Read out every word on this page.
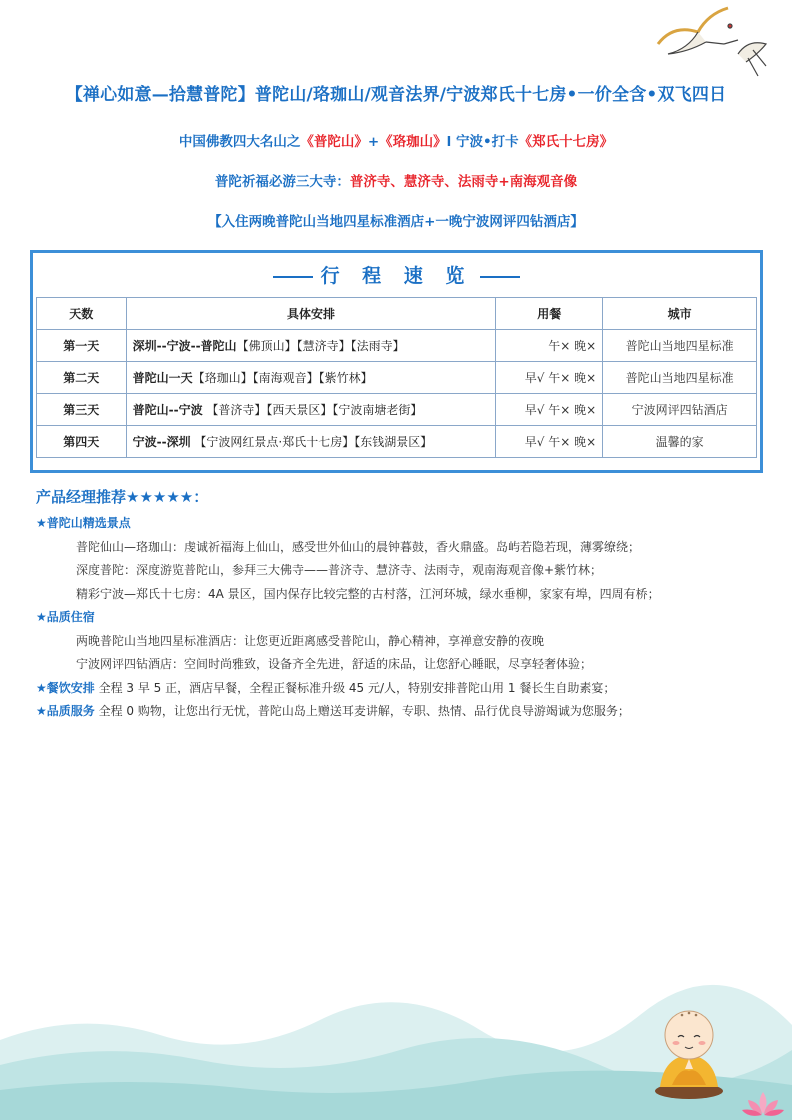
【禅心如意—拾慧普陀】普陀山/珞珈山/观音法界/宁波郑氏十七房•一价全含•双飞四日
中国佛教四大名山之《普陀山》+《珞珈山》l 宁波•打卡《郑氏十七房》
普陀祈福必游三大寺：普济寺、慧济寺、法雨寺+南海观音像
【入住两晚普陀山当地四星标准酒店+一晚宁波网评四钻酒店】
行 程 速 览
天数	具体安排	用餐	城市
第一天	深圳--宁波--普陀山【佛顶山】【慧济寺】【法雨寺】	午× 晚×	普陀山当地四星标准
第二天	普陀山一天【珞珈山】【南海观音】【紫竹林】	早√ 午× 晚×	普陀山当地四星标准
第三天	普陀山--宁波 【普济寺】【西天景区】【宁波南塘老街】	早√ 午× 晚×	宁波网评四钻酒店
第四天	宁波--深圳 【宁波网红景点·郑氏十七房】【东钱湖景区】	早√ 午× 晚×	温馨的家
产品经理推荐★★★★★：
★普陀山精选景点
普陀仙山—珞珈山：虔诚祈福海上仙山，感受世外仙山的晨钟暮鼓，香火鼎盛。岛屿若隐若现，薄雾缭绕；
深度普陀：深度游览普陀山，参拜三大佛寺——普济寺、慧济寺、法雨寺，观南海观音像+紫竹林；
精彩宁波—郑氏十七房：4A 景区，国内保存比较完整的古村落，江河环城，绿水垂柳，家家有埠，四周有桥；
★品质住宿
两晚普陀山当地四星标准酒店：让您更近距离感受普陀山，静心精神，享禅意安静的夜晚
宁波网评四钻酒店：空间时尚雅致，设备齐全先进，舒适的床品，让您舒心睡眠，尽享轻奢体验；
★餐饮安排 全程 3 早 5 正，酒店早餐，全程正餐标准升级 45 元/人，特别安排普陀山用 1 餐长生自助素宴；
★品质服务 全程 0 购物，让您出行无忧，普陀山岛上赠送耳麦讲解，专职、热情、品行优良导游竭诚为您服务；
